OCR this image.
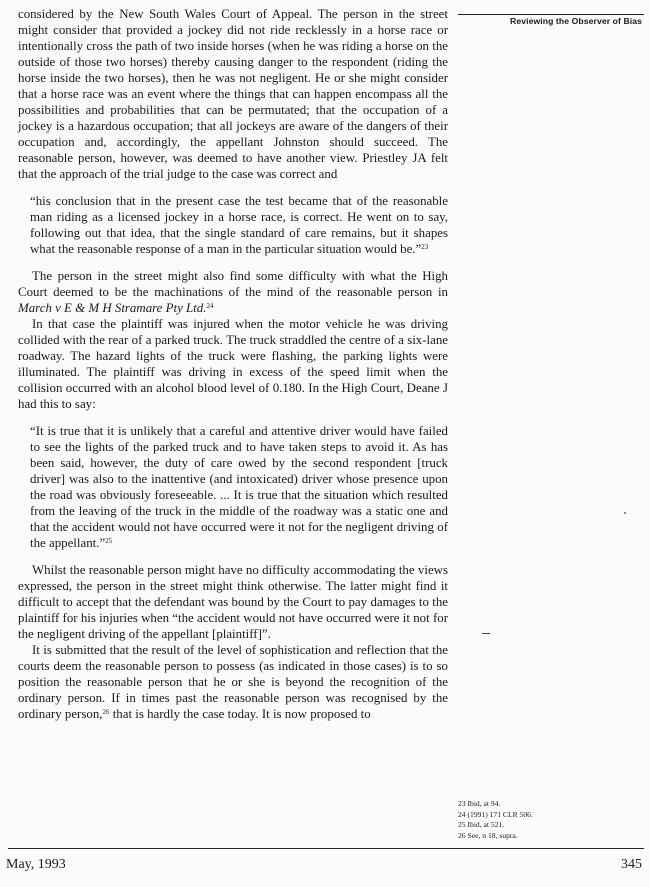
Reviewing the Observer of Bias

considered by the New South Wales Court of Appeal. The person in the street might consider that provided a jockey did not ride recklessly in a horse race or intentionally cross the path of two inside horses (when he was riding a horse on the outside of those two horses) thereby causing danger to the respondent (riding the horse inside the two horses), then he was not negligent. He or she might consider that a horse race was an event where the things that can happen encompass all the possibilities and probabilities that can be permutated; that the occupation of a jockey is a hazardous occupation; that all jockeys are aware of the dangers of their occupation and, accordingly, the appellant Johnston should succeed. The reasonable person, however, was deemed to have another view. Priestley JA felt that the approach of the trial judge to the case was correct and

“his conclusion that in the present case the test became that of the reasonable man riding as a licensed jockey in a horse race, is correct. He went on to say, following out that idea, that the single standard of care remains, but it shapes what the reasonable response of a man in the particular situation would be.”$^{23}$

The person in the street might also find some difficulty with what the High Court deemed to be the machinations of the mind of the reasonable person in March v E & M H Stramare Pty Ltd.$^{24}$

In that case the plaintiff was injured when the motor vehicle he was driving collided with the rear of a parked truck. The truck straddled the centre of a six-lane roadway. The hazard lights of the truck were flashing, the parking lights were illuminated. The plaintiff was driving in excess of the speed limit when the collision occurred with an alcohol blood level of 0.180. In the High Court, Deane J had this to say:

“It is true that it is unlikely that a careful and attentive driver would have failed to see the lights of the parked truck and to have taken steps to avoid it. As has been said, however, the duty of care owed by the second respondent [truck driver] was also to the inattentive (and intoxicated) driver whose presence upon the road was obviously foreseeable. ... It is true that the situation which resulted from the leaving of the truck in the middle of the roadway was a static one and that the accident would not have occurred were it not for the negligent driving of the appellant.”$^{25}$

Whilst the reasonable person might have no difficulty accommodating the views expressed, the person in the street might think otherwise. The latter might find it difficult to accept that the defendant was bound by the Court to pay damages to the plaintiff for his injuries when “the accident would not have occurred were it not for the negligent driving of the appellant [plaintiff]”.

It is submitted that the result of the level of sophistication and reflection that the courts deem the reasonable person to possess (as indicated in those cases) is to so position the reasonable person that he or she is beyond the recognition of the ordinary person. If in times past the reasonable person was recognised by the ordinary person,$^{26}$ that is hardly the case today. It is now proposed to

23 Ibid, at 94.
24 (1991) 171 CLR 506.
25 Ibid, at 521.
26 See, n 18, supra.
May, 1993	345
